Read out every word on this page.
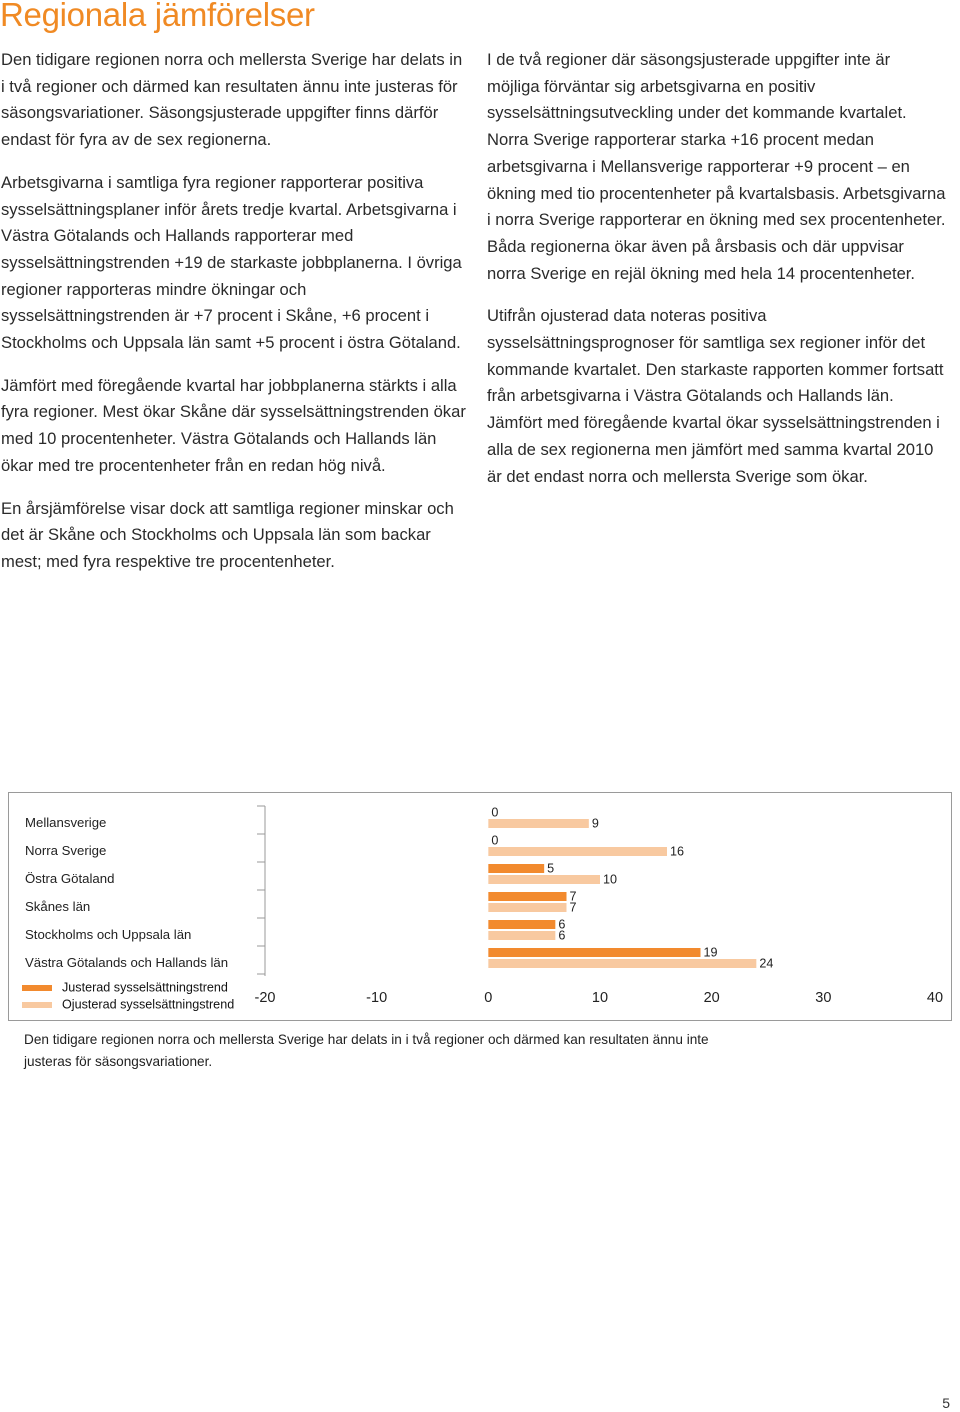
Regionala jämförelser

Den tidigare regionen norra och mellersta Sverige har delats in i två regioner och därmed kan resultaten ännu inte justeras för säsongsvariationer. Säsongsjusterade uppgifter finns därför endast för fyra av de sex regionerna.

Arbetsgivarna i samtliga fyra regioner rapporterar positiva sysselsättningsplaner inför årets tredje kvartal. Arbetsgivarna i Västra Götalands och Hallands rapporterar med sysselsättningstrenden +19 de starkaste jobbplanerna. I övriga regioner rapporteras mindre ökningar och sysselsättningstrenden är +7 procent i Skåne, +6 procent i Stockholms och Uppsala län samt +5 procent i östra Götaland.

Jämfört med föregående kvartal har jobbplanerna stärkts i alla fyra regioner. Mest ökar Skåne där sysselsättningstrenden ökar med 10 procentenheter. Västra Götalands och Hallands län ökar med tre procentenheter från en redan hög nivå.

En årsjämförelse visar dock att samtliga regioner minskar och det är Skåne och Stockholms och Uppsala län som backar mest; med fyra respektive tre procentenheter.

I de två regioner där säsongsjusterade uppgifter inte är möjliga förväntar sig arbetsgivarna en positiv sysselsättningsutveckling under det kommande kvartalet. Norra Sverige rapporterar starka +16 procent medan arbetsgivarna i Mellansverige rapporterar +9 procent – en ökning med tio procentenheter på kvartalsbasis. Arbetsgivarna i norra Sverige rapporterar en ökning med sex procentenheter. Båda regionerna ökar även på årsbasis och där uppvisar norra Sverige en rejäl ökning med hela 14 procentenheter.

Utifrån ojusterad data noteras positiva sysselsättningsprognoser för samtliga sex regioner inför det kommande kvartalet. Den starkaste rapporten kommer fortsatt från arbetsgivarna i Västra Götalands och Hallands län. Jämfört med föregående kvartal ökar sysselsättningstrenden i alla de sex regionerna men jämfört med samma kvartal 2010 är det endast norra och mellersta Sverige som ökar.

Mellansverige
Norra Sverige
Östra Götaland
Skånes län
Stockholms och Uppsala län
Västra Götalands och Hallands län
Justerad sysselsättningstrend
Ojusterad sysselsättningstrend
0
9
0
16
5
10
7
7
6
6
19
24
-20	-10	0	10	20	30	40

Den tidigare regionen norra och mellersta Sverige har delats in i två regioner och därmed kan resultaten ännu inte justeras för säsongsvariationer.

5
